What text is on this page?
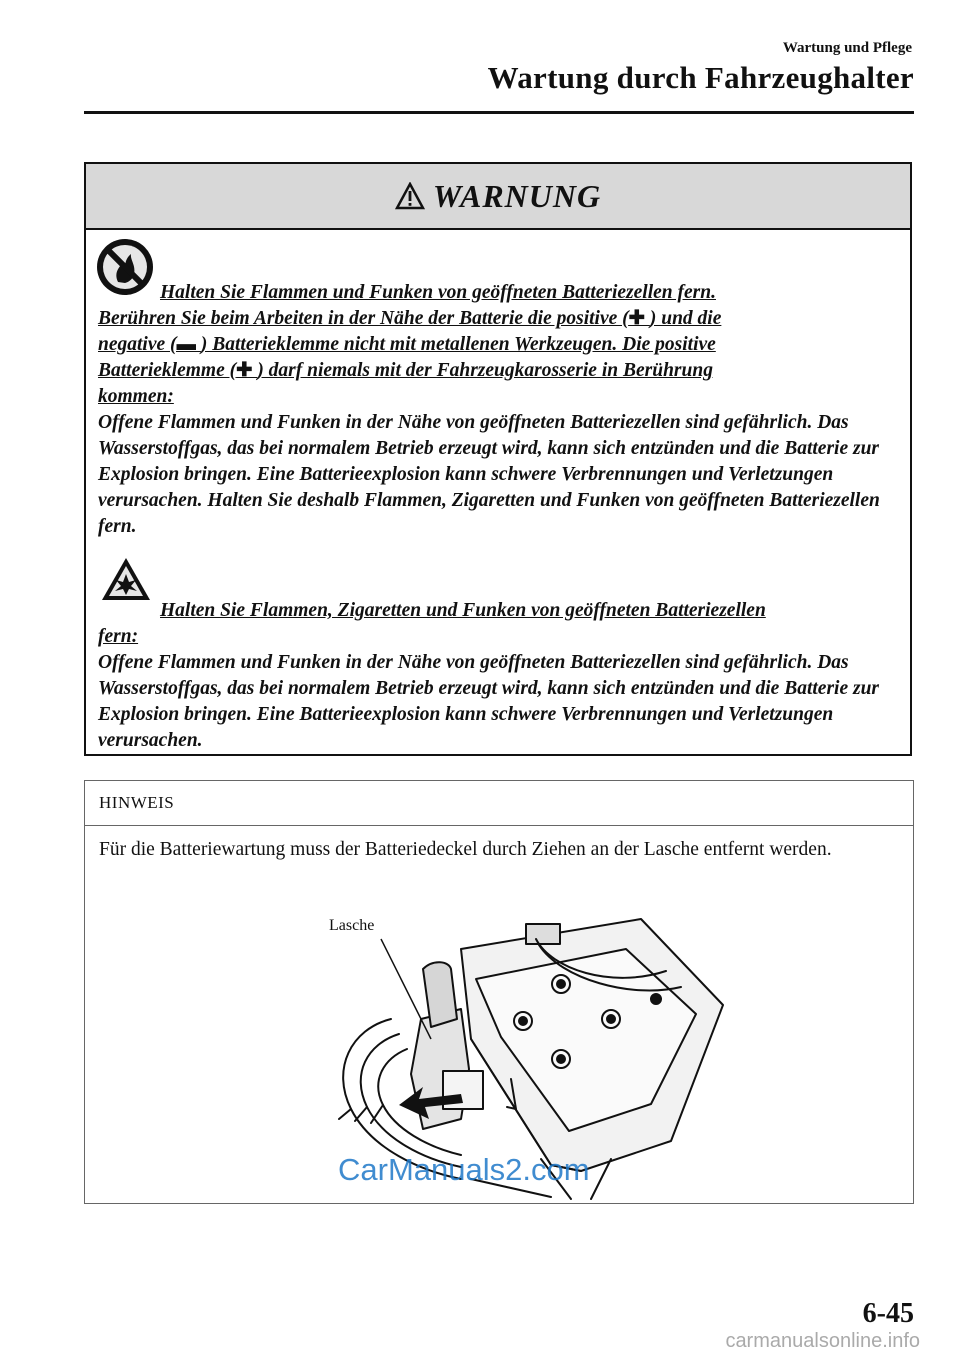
Wartung und Pflege
Wartung durch Fahrzeughalter
WARNUNG
Halten Sie Flammen und Funken von geöffneten Batteriezellen fern.
Berühren Sie beim Arbeiten in der Nähe der Batterie die positive (✚ ) und die
negative (▬ ) Batterieklemme nicht mit metallenen Werkzeugen. Die positive
Batterieklemme (✚ ) darf niemals mit der Fahrzeugkarosserie in Berührung
kommen:
Offene Flammen und Funken in der Nähe von geöffneten Batteriezellen sind gefährlich. Das Wasserstoffgas, das bei normalem Betrieb erzeugt wird, kann sich entzünden und die Batterie zur Explosion bringen. Eine Batterieexplosion kann schwere Verbrennungen und Verletzungen verursachen. Halten Sie deshalb Flammen, Zigaretten und Funken von geöffneten Batteriezellen fern.
Halten Sie Flammen, Zigaretten und Funken von geöffneten Batteriezellen
fern:
Offene Flammen und Funken in der Nähe von geöffneten Batteriezellen sind gefährlich. Das Wasserstoffgas, das bei normalem Betrieb erzeugt wird, kann sich entzünden und die Batterie zur Explosion bringen. Eine Batterieexplosion kann schwere Verbrennungen und Verletzungen verursachen.
HINWEIS
Für die Batteriewartung muss der Batteriedeckel durch Ziehen an der Lasche entfernt werden.
Lasche
CarManuals2.com
6-45
carmanualsonline.info
